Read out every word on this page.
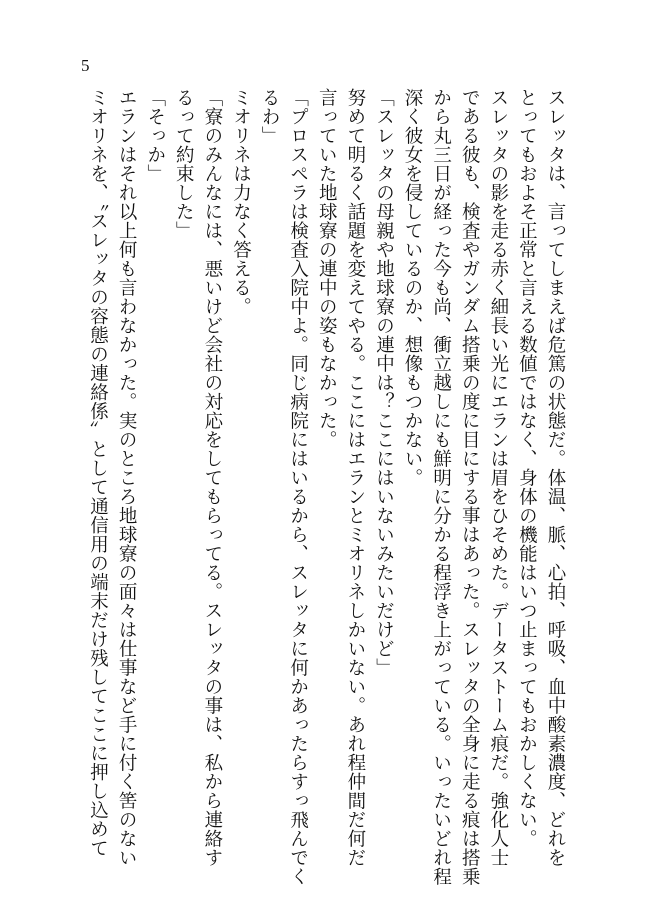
5
スレッタは、言ってしまえば危篤の状態だ。体温、脈、心拍、呼吸、血中酸素濃度、どれを
とってもおよそ正常と言える数値ではなく、身体の機能はいつ止まってもおかしくない。
スレッタの影を走る赤く細長い光にエランは眉をひそめた。データストーム痕だ。強化人士
である彼も、検査やガンダム搭乗の度に目にする事はあった。スレッタの全身に走る痕は搭乗
から丸三日が経った今も尚、衝立越しにも鮮明に分かる程浮き上がっている。いったいどれ程
深く彼女を侵しているのか、想像もつかない。
「スレッタの母親や地球寮の連中は？ここにはいないみたいだけど」
努めて明るく話題を変えてやる。ここにはエランとミオリネしかいない。あれ程仲間だ何だ
言っていた地球寮の連中の姿もなかった。
「プロスペラは検査入院中よ。同じ病院にはいるから、スレッタに何かあったらすっ飛んでく
るわ」
ミオリネは力なく答える。
「寮のみんなには、悪いけど会社の対応をしてもらってる。スレッタの事は、私から連絡す
るって約束した」
「そっか」
エランはそれ以上何も言わなかった。実のところ地球寮の面々は仕事など手に付く筈のない
ミオリネを、〝スレッタの容態の連絡係〟として通信用の端末だけ残してここに押し込めて
